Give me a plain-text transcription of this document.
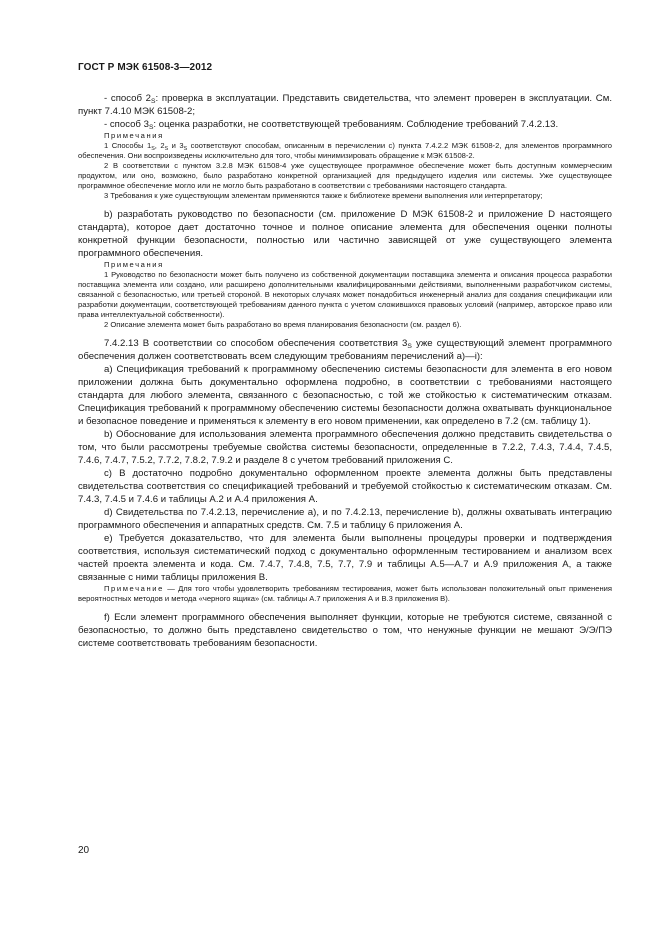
ГОСТ Р МЭК 61508-3—2012

- способ $2_S$: проверка в эксплуатации. Представить свидетельства, что элемент проверен в эксплуатации. См. пункт 7.4.10 МЭК 61508-2;

- способ $3_S$: оценка разработки, не соответствующей требованиям. Соблюдение требований 7.4.2.13.

Примечания

1 Способы $1_S$, $2_S$ и $3_S$ соответствуют способам, описанным в перечислении с) пункта 7.4.2.2 МЭК 61508-2, для элементов программного обеспечения. Они воспроизведены исключительно для того, чтобы минимизировать обращение к МЭК 61508-2.

2 В соответствии с пунктом 3.2.8 МЭК 61508-4 уже существующее программное обеспечение может быть доступным коммерческим продуктом, или оно, возможно, было разработано конкретной организацией для предыдущего изделия или системы. Уже существующее программное обеспечение могло или не могло быть разработано в соответствии с требованиями настоящего стандарта.

3 Требования к уже существующим элементам применяются также к библиотеке времени выполнения или интерпретатору;

b) разработать руководство по безопасности (см. приложение D МЭК 61508-2 и приложение D настоящего стандарта), которое дает достаточно точное и полное описание элемента для обеспечения оценки полноты конкретной функции безопасности, полностью или частично зависящей от уже существующего элемента программного обеспечения.

Примечания

1 Руководство по безопасности может быть получено из собственной документации поставщика элемента и описания процесса разработки поставщика элемента или создано, или расширено дополнительными квалифицированными действиями, выполненными разработчиком системы, связанной с безопасностью, или третьей стороной. В некоторых случаях может понадобиться инженерный анализ для создания спецификации или разработки документации, соответствующей требованиям данного пункта с учетом сложившихся правовых условий (например, авторское право или права интеллектуальной собственности).

2 Описание элемента может быть разработано во время планирования безопасности (см. раздел 6).

7.4.2.13 В соответствии со способом обеспечения соответствия $3_S$ уже существующий элемент программного обеспечения должен соответствовать всем следующим требованиям перечислений а)—i):

а) Спецификация требований к программному обеспечению системы безопасности для элемента в его новом приложении должна быть документально оформлена подробно, в соответствии с требованиями настоящего стандарта для любого элемента, связанного с безопасностью, с той же стойкостью к систематическим отказам. Спецификация требований к программному обеспечению системы безопасности должна охватывать функциональное и безопасное поведение и применяться к элементу в его новом применении, как определено в 7.2 (см. таблицу 1).

b) Обоснование для использования элемента программного обеспечения должно представить свидетельства о том, что были рассмотрены требуемые свойства системы безопасности, определенные в 7.2.2, 7.4.3, 7.4.4, 7.4.5, 7.4.6, 7.4.7, 7.5.2, 7.7.2, 7.8.2, 7.9.2 и разделе 8 с учетом требований приложения С.

с) В достаточно подробно документально оформленном проекте элемента должны быть представлены свидетельства соответствия со спецификацией требований и требуемой стойкостью к систематическим отказам. См. 7.4.3, 7.4.5 и 7.4.6 и таблицы А.2 и А.4 приложения А.

d) Свидетельства по 7.4.2.13, перечисление а), и по 7.4.2.13, перечисление b), должны охватывать интеграцию программного обеспечения и аппаратных средств. См. 7.5 и таблицу 6 приложения А.

е) Требуется доказательство, что для элемента были выполнены процедуры проверки и подтверждения соответствия, используя систематический подход с документально оформленным тестированием и анализом всех частей проекта элемента и кода. См. 7.4.7, 7.4.8, 7.5, 7.7, 7.9 и таблицы А.5—А.7 и А.9 приложения А, а также связанные с ними таблицы приложения В.

Примечание — Для того чтобы удовлетворить требованиям тестирования, может быть использован положительный опыт применения вероятностных методов и метода «черного ящика» (см. таблицы А.7 приложения А и В.3 приложения В).

f) Если элемент программного обеспечения выполняет функции, которые не требуются системе, связанной с безопасностью, то должно быть представлено свидетельство о том, что ненужные функции не мешают Э/Э/ПЭ системе соответствовать требованиям безопасности.

20
